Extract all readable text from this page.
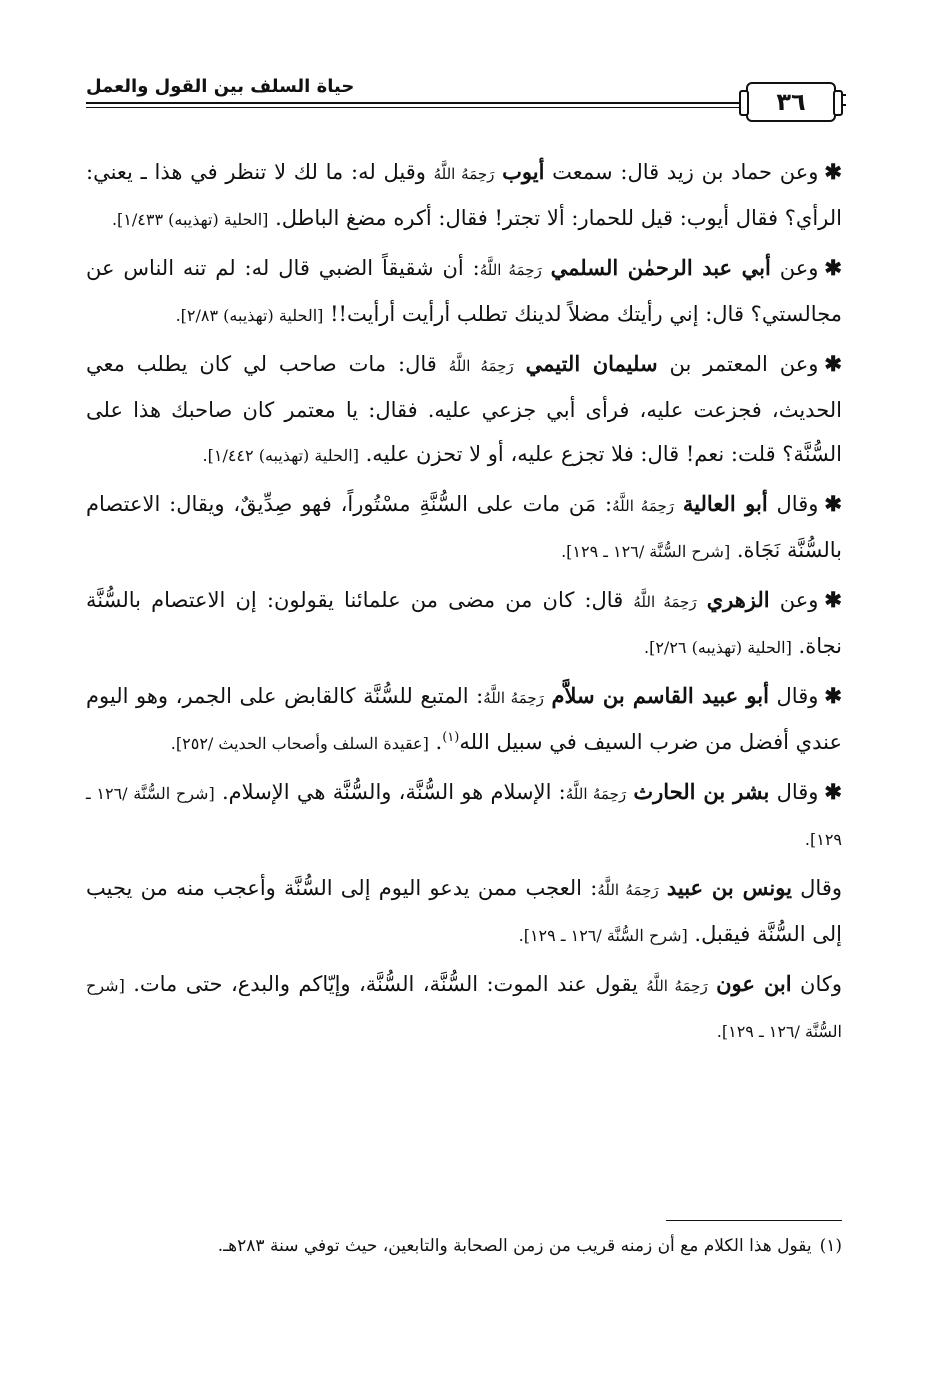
٣٦
حياة السلف بين القول والعمل

✱وعن حماد بن زيد قال: سمعت أيوب رَحِمَهُ اللَّهُ وقيل له: ما لك لا تنظر في هذا ـ يعني: الرأي؟ فقال أيوب: قيل للحمار: ألا تجتر! فقال: أكره مضغ الباطل. [الحلية (تهذيبه) ١/٤٣٣].

✱وعن أبي عبد الرحمٰن السلمي رَحِمَهُ اللَّهُ: أن شقيقاً الضبي قال له: لم تنه الناس عن مجالستي؟ قال: إني رأيتك مضلاً لدينك تطلب أرأيت أرأيت!! [الحلية (تهذيبه) ٢/٨٣].

✱وعن المعتمر بن سليمان التيمي رَحِمَهُ اللَّهُ قال: مات صاحب لي كان يطلب معي الحديث، فجزعت عليه، فرأى أبي جزعي عليه. فقال: يا معتمر كان صاحبك هذا على السُّنَّة؟ قلت: نعم! قال: فلا تجزع عليه، أو لا تحزن عليه. [الحلية (تهذيبه) ١/٤٤٢].

✱وقال أبو العالية رَحِمَهُ اللَّهُ: مَن مات على السُّنَّةِ مسْتُوراً، فهو صِدِّيقٌ، ويقال: الاعتصام بالسُّنَّة نَجَاة. [شرح السُّنَّة /١٢٦ ـ ١٢٩].

✱وعن الزهري رَحِمَهُ اللَّهُ قال: كان من مضى من علمائنا يقولون: إن الاعتصام بالسُّنَّة نجاة. [الحلية (تهذيبه) ٢/٢٦].

✱وقال أبو عبيد القاسم بن سلاَّم رَحِمَهُ اللَّهُ: المتبع للسُّنَّة كالقابض على الجمر، وهو اليوم عندي أفضل من ضرب السيف في سبيل الله$^{(١)}$. [عقيدة السلف وأصحاب الحديث /٢٥٢].

✱وقال بشر بن الحارث رَحِمَهُ اللَّهُ: الإسلام هو السُّنَّة، والسُّنَّة هي الإسلام. [شرح السُّنَّة /١٢٦ ـ ١٢٩].

وقال يونس بن عبيد رَحِمَهُ اللَّهُ: العجب ممن يدعو اليوم إلى السُّنَّة وأعجب منه من يجيب إلى السُّنَّة فيقبل. [شرح السُّنَّة /١٢٦ ـ ١٢٩].

وكان ابن عون رَحِمَهُ اللَّهُ يقول عند الموت: السُّنَّة، السُّنَّة، وإيّاكم والبدع، حتى مات. [شرح السُّنَّة /١٢٦ ـ ١٢٩].

(١)يقول هذا الكلام مع أن زمنه قريب من زمن الصحابة والتابعين، حيث توفي سنة ٢٨٣هـ.
